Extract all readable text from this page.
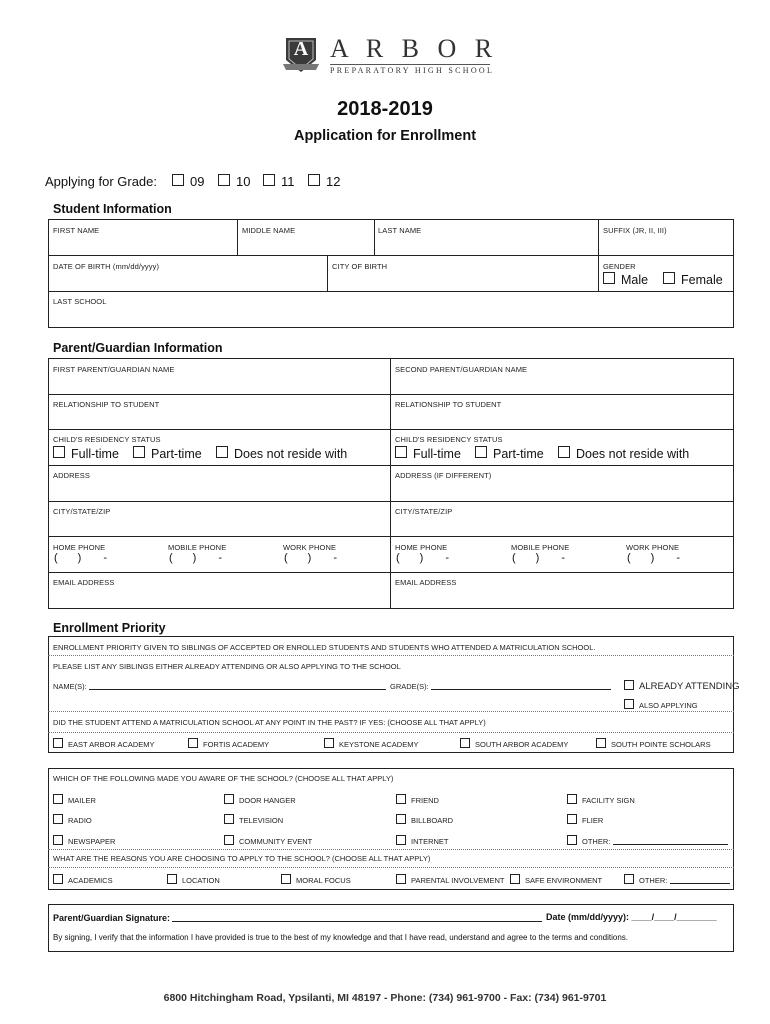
A A R B O R
PREPARATORY HIGH SCHOOL
2018-2019
Application for Enrollment
Applying for Grade:	09	10	11	12
Student Information
FIRST NAME	MIDDLE NAME	LAST NAME	SUFFIX (JR, II, III)
DATE OF BIRTH (mm/dd/yyyy)	CITY OF BIRTH	GENDER
Male	Female
LAST SCHOOL
Parent/Guardian Information
FIRST PARENT/GUARDIAN NAME	SECOND PARENT/GUARDIAN NAME
RELATIONSHIP TO STUDENT	RELATIONSHIP TO STUDENT
CHILD'S RESIDENCY STATUS
Full-time	Part-time	Does not reside with
CHILD'S RESIDENCY STATUS
Full-time	Part-time	Does not reside with
ADDRESS	ADDRESS (IF DIFFERENT)
CITY/STATE/ZIP	CITY/STATE/ZIP
HOME PHONE	MOBILE PHONE	WORK PHONE
( ) -	( ) -	( ) -
HOME PHONE	MOBILE PHONE	WORK PHONE
( ) -	( ) -	( ) -
EMAIL ADDRESS	EMAIL ADDRESS
Enrollment Priority
ENROLLMENT PRIORITY GIVEN TO SIBLINGS OF ACCEPTED OR ENROLLED STUDENTS AND STUDENTS WHO ATTENDED A MATRICULATION SCHOOL.
PLEASE LIST ANY SIBLINGS EITHER ALREADY ATTENDING OR ALSO APPLYING TO THE SCHOOL
NAME(S):	GRADE(S):	ALREADY ATTENDING
ALSO APPLYING
DID THE STUDENT ATTEND A MATRICULATION SCHOOL AT ANY POINT IN THE PAST? IF YES: (CHOOSE ALL THAT APPLY)
EAST ARBOR ACADEMY	FORTIS ACADEMY	KEYSTONE ACADEMY	SOUTH ARBOR ACADEMY	SOUTH POINTE SCHOLARS
WHICH OF THE FOLLOWING MADE YOU AWARE OF THE SCHOOL? (CHOOSE ALL THAT APPLY)
MAILER	DOOR HANGER	FRIEND	FACILITY SIGN
RADIO	TELEVISION	BILLBOARD	FLIER
NEWSPAPER	COMMUNITY EVENT	INTERNET	OTHER:
WHAT ARE THE REASONS YOU ARE CHOOSING TO APPLY TO THE SCHOOL? (CHOOSE ALL THAT APPLY)
ACADEMICS	LOCATION	MORAL FOCUS	PARENTAL INVOLVEMENT	SAFE ENVIRONMENT	OTHER:
Parent/Guardian Signature:	Date (mm/dd/yyyy): ____/____/________
By signing, I verify that the information I have provided is true to the best of my knowledge and that I have read, understand and agree to the terms and conditions.
6800 Hitchingham Road, Ypsilanti, MI 48197 - Phone: (734) 961-9700 - Fax: (734) 961-9701
